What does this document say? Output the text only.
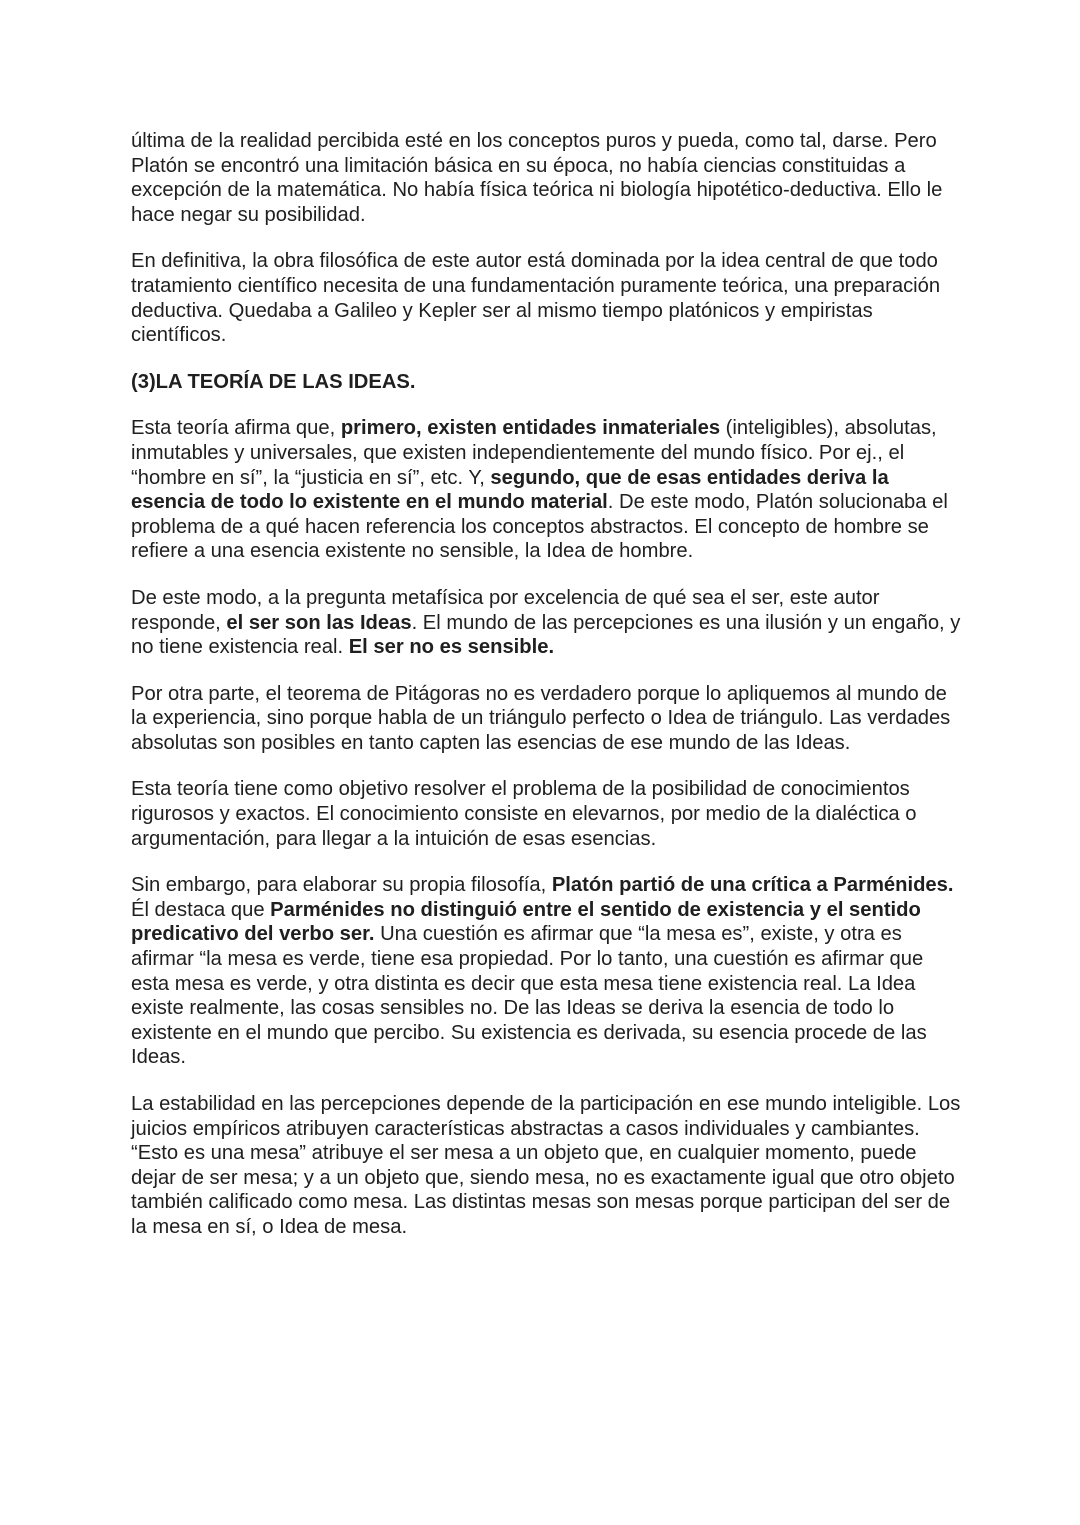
última de la realidad percibida esté en los conceptos puros y pueda, como tal, darse. Pero Platón se encontró una limitación básica en su época, no había ciencias constituidas a excepción de la matemática. No había física teórica ni biología hipotético-deductiva. Ello le hace negar su posibilidad.

En definitiva, la obra filosófica de este autor está dominada por la idea central de que todo tratamiento científico necesita de una fundamentación puramente teórica, una preparación deductiva. Quedaba a Galileo y Kepler ser al mismo tiempo platónicos y empiristas científicos.

(3)LA TEORÍA DE LAS IDEAS.

Esta teoría afirma que, primero, existen entidades inmateriales (inteligibles), absolutas, inmutables y universales, que existen independientemente del mundo físico. Por ej., el “hombre en sí”, la “justicia en sí”, etc. Y, segundo, que de esas entidades deriva la esencia de todo lo existente en el mundo material. De este modo, Platón solucionaba el problema de a qué hacen referencia los conceptos abstractos. El concepto de hombre se refiere a una esencia existente no sensible, la Idea de hombre.

De este modo, a la pregunta metafísica por excelencia de qué sea el ser, este autor responde, el ser son las Ideas. El mundo de las percepciones es una ilusión y un engaño, y no tiene existencia real. El ser no es sensible.

Por otra parte, el teorema de Pitágoras no es verdadero porque lo apliquemos al mundo de la experiencia, sino porque habla de un triángulo perfecto o Idea de triángulo. Las verdades absolutas son posibles en tanto capten las esencias de ese mundo de las Ideas.

Esta teoría tiene como objetivo resolver el problema de la posibilidad de conocimientos rigurosos y exactos. El conocimiento consiste en elevarnos, por medio de la dialéctica o argumentación, para llegar a la intuición de esas esencias.

Sin embargo, para elaborar su propia filosofía, Platón partió de una crítica a Parménides. Él destaca que Parménides no distinguió entre el sentido de existencia y el sentido predicativo del verbo ser. Una cuestión es afirmar que “la mesa es”, existe, y otra es afirmar “la mesa es verde, tiene esa propiedad. Por lo tanto, una cuestión es afirmar que esta mesa es verde, y otra distinta es decir que esta mesa tiene existencia real. La Idea existe realmente, las cosas sensibles no. De las Ideas se deriva la esencia de todo lo existente en el mundo que percibo. Su existencia es derivada, su esencia procede de las Ideas.

La estabilidad en las percepciones depende de la participación en ese mundo inteligible. Los juicios empíricos atribuyen características abstractas a casos individuales y cambiantes. “Esto es una mesa” atribuye el ser mesa a un objeto que, en cualquier momento, puede dejar de ser mesa; y a un objeto que, siendo mesa, no es exactamente igual que otro objeto también calificado como mesa. Las distintas mesas son mesas porque participan del ser de la mesa en sí, o Idea de mesa.
